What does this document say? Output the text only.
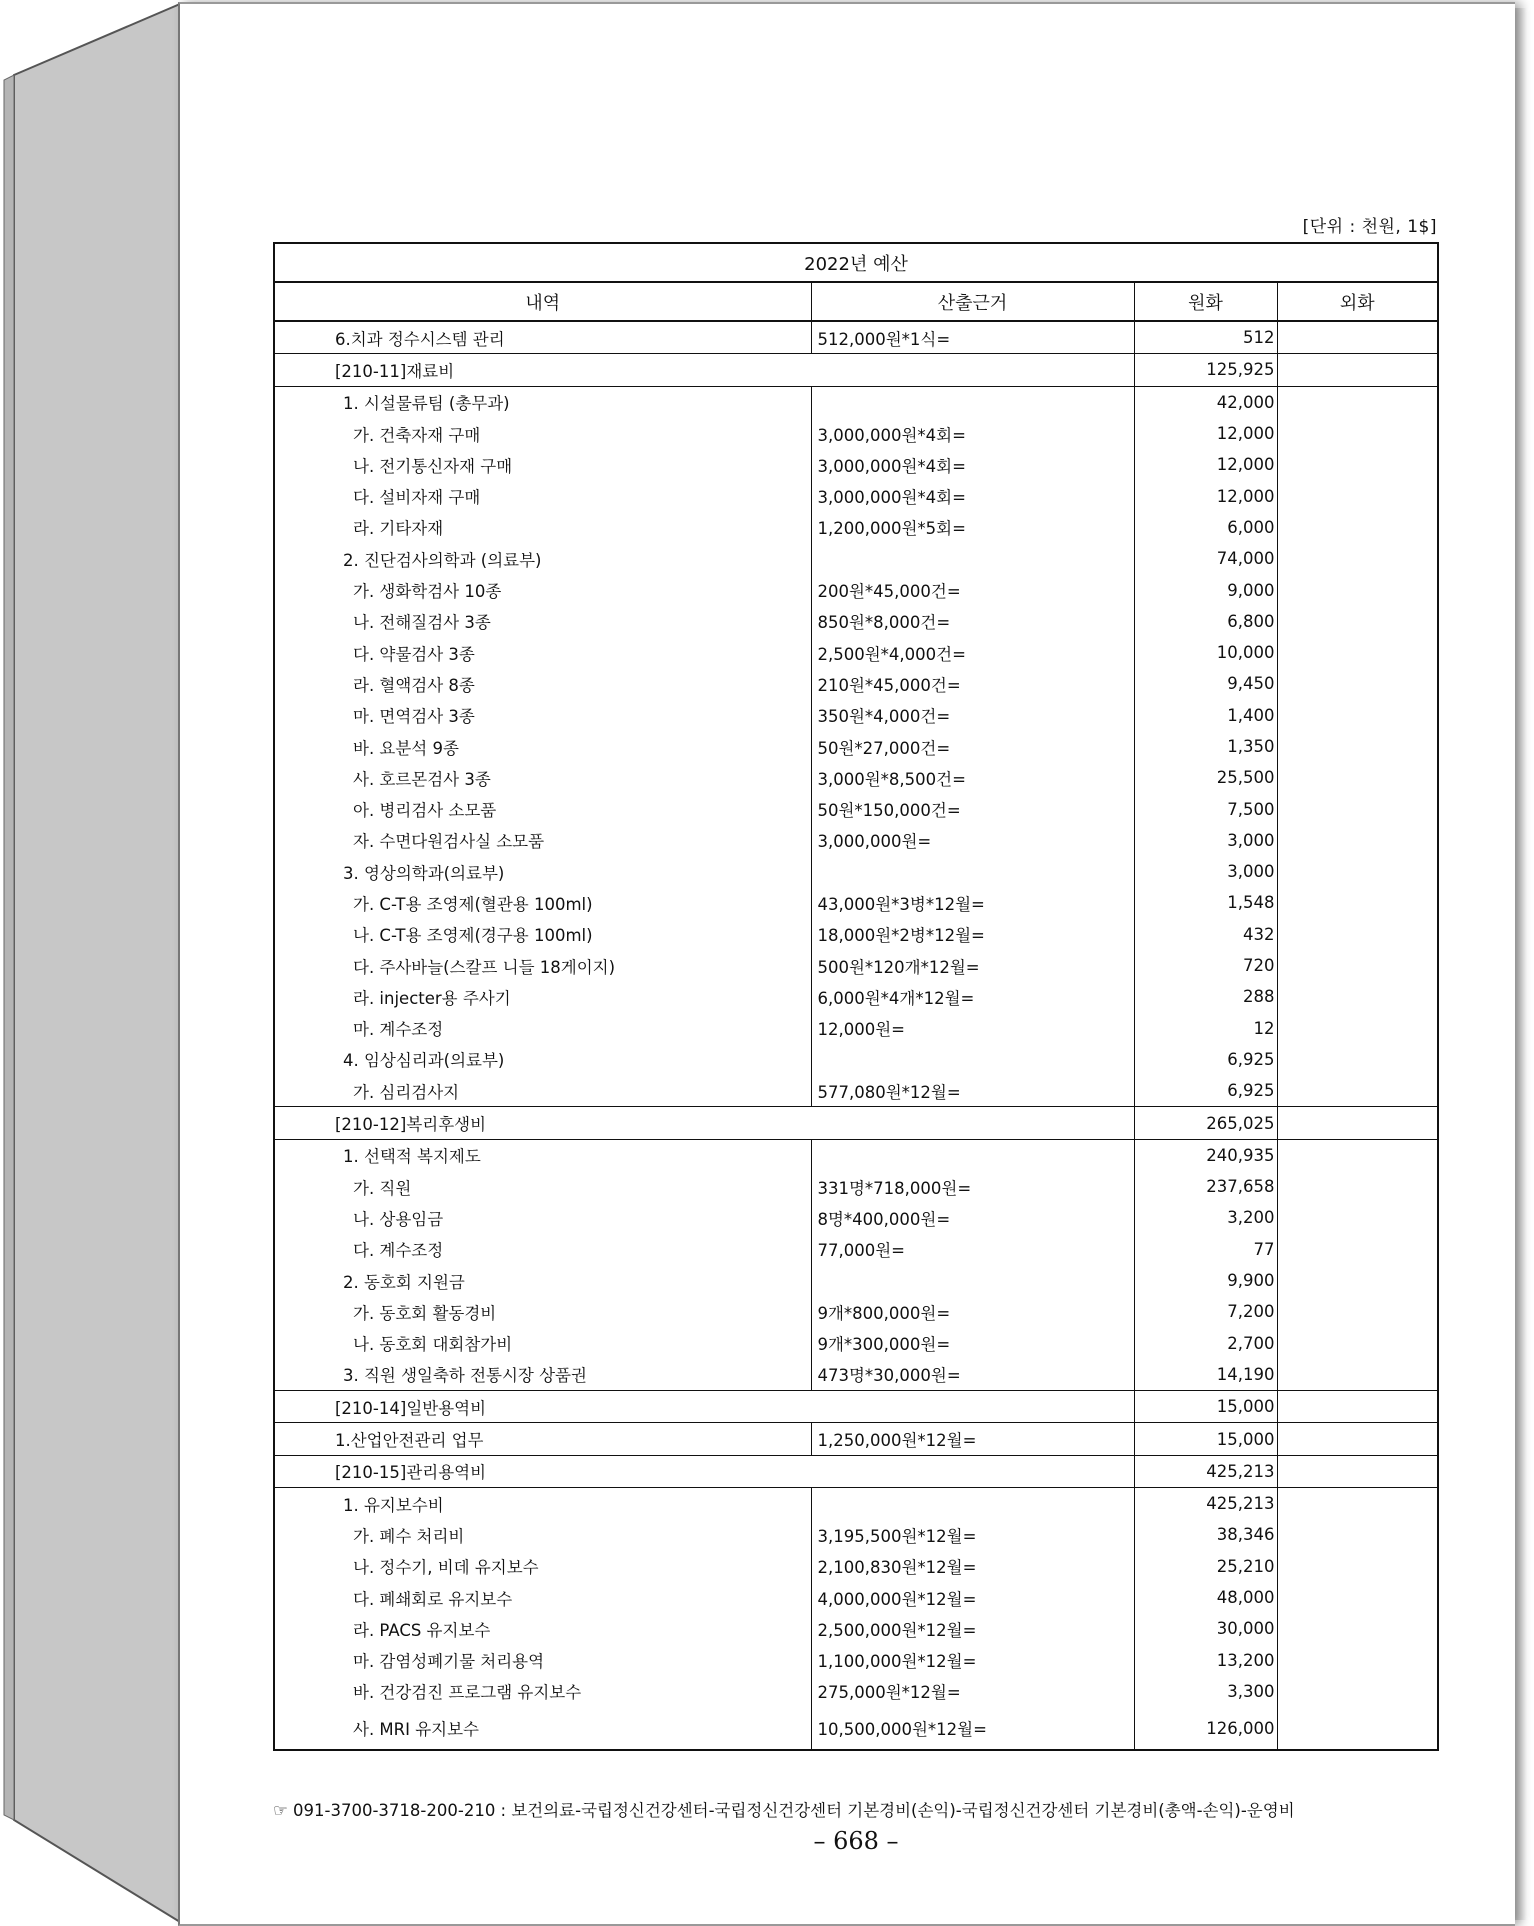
[단위 : 천원, 1$]
2022년 예산			
내역	산출근거	원화	외화
6.치과 정수시스템 관리	512,000원*1식=	512	
[210-11]재료비		125,925	
1. 시설물류팀 (총무과)		42,000	
가. 건축자재 구매	3,000,000원*4회=	12,000	
나. 전기통신자재 구매	3,000,000원*4회=	12,000	
다. 설비자재 구매	3,000,000원*4회=	12,000	
라. 기타자재	1,200,000원*5회=	6,000	
2. 진단검사의학과 (의료부)		74,000	
가. 생화학검사 10종	200원*45,000건=	9,000	
나. 전해질검사 3종	850원*8,000건=	6,800	
다. 약물검사 3종	2,500원*4,000건=	10,000	
라. 혈액검사 8종	210원*45,000건=	9,450	
마. 면역검사 3종	350원*4,000건=	1,400	
바. 요분석 9종	50원*27,000건=	1,350	
사. 호르몬검사 3종	3,000원*8,500건=	25,500	
아. 병리검사 소모품	50원*150,000건=	7,500	
자. 수면다원검사실 소모품	3,000,000원=	3,000	
3. 영상의학과(의료부)		3,000	
가. C-T용 조영제(혈관용 100ml)	43,000원*3병*12월=	1,548	
나. C-T용 조영제(경구용 100ml)	18,000원*2병*12월=	432	
다. 주사바늘(스칼프 니들 18게이지)	500원*120개*12월=	720	
라. injecter용 주사기	6,000원*4개*12월=	288	
마. 계수조정	12,000원=	12	
4. 임상심리과(의료부)		6,925	
가. 심리검사지	577,080원*12월=	6,925	
[210-12]복리후생비		265,025	
1. 선택적 복지제도		240,935	
가. 직원	331명*718,000원=	237,658	
나. 상용임금	8명*400,000원=	3,200	
다. 계수조정	77,000원=	77	
2. 동호회 지원금		9,900	
가. 동호회 활동경비	9개*800,000원=	7,200	
나. 동호회 대회참가비	9개*300,000원=	2,700	
3. 직원 생일축하 전통시장 상품권	473명*30,000원=	14,190	
[210-14]일반용역비		15,000	
1.산업안전관리 업무	1,250,000원*12월=	15,000	
[210-15]관리용역비		425,213	
1. 유지보수비		425,213	
가. 폐수 처리비	3,195,500원*12월=	38,346	
나. 정수기, 비데 유지보수	2,100,830원*12월=	25,210	
다. 폐쇄회로 유지보수	4,000,000원*12월=	48,000	
라. PACS 유지보수	2,500,000원*12월=	30,000	
마. 감염성폐기물 처리용역	1,100,000원*12월=	13,200	
바. 건강검진 프로그램 유지보수	275,000원*12월=	3,300	
사. MRI 유지보수	10,500,000원*12월=	126,000	
☞ 091-3700-3718-200-210 : 보건의료-국립정신건강센터-국립정신건강센터 기본경비(손익)-국립정신건강센터 기본경비(총액-손익)-운영비
– 668 –
